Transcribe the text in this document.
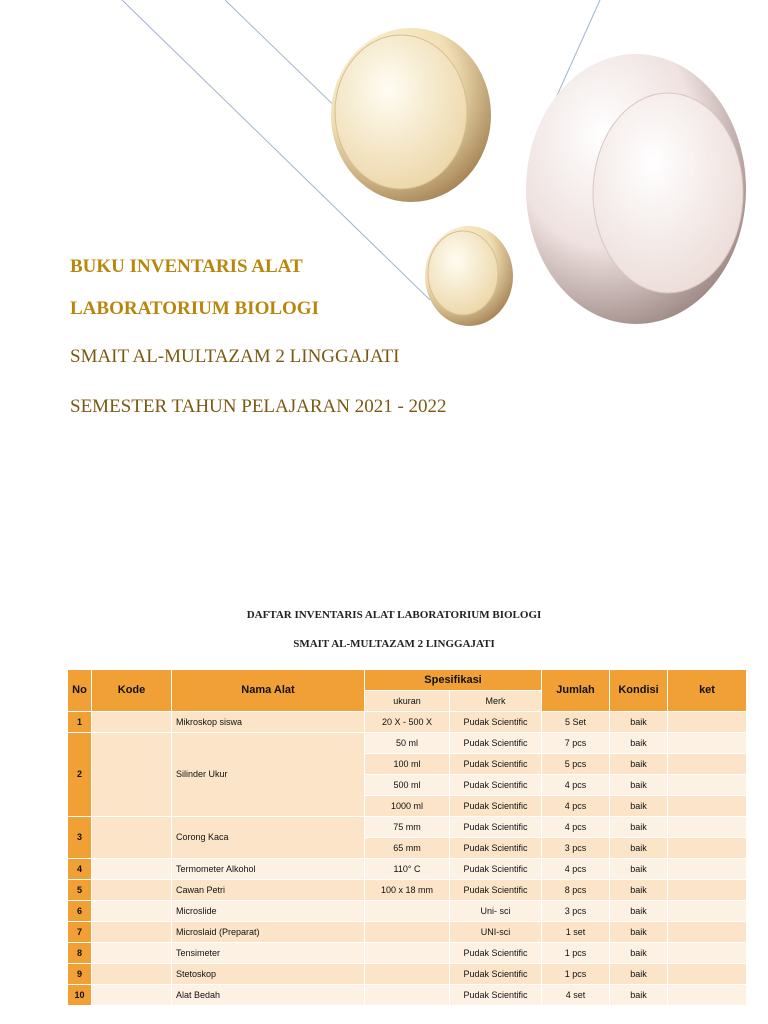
BUKU INVENTARIS ALAT
LABORATORIUM BIOLOGI
SMAIT AL-MULTAZAM 2 LINGGAJATI
SEMESTER TAHUN PELAJARAN 2021 - 2022

DAFTAR INVENTARIS ALAT LABORATORIUM BIOLOGI

SMAIT AL-MULTAZAM 2 LINGGAJATI

No	Kode	Nama Alat	Spesifikasi		Jumlah	Kondisi	ket
			ukuran	Merk			
1		Mikroskop siswa	20 X - 500 X	Pudak Scientific	5 Set	baik	
2		Silinder Ukur	50 ml	Pudak Scientific	7 pcs	baik	
			100 ml	Pudak Scientific	5 pcs	baik	
			500 ml	Pudak Scientific	4 pcs	baik	
			1000 ml	Pudak Scientific	4 pcs	baik	
3		Corong Kaca	75 mm	Pudak Scientific	4 pcs	baik	
			65 mm	Pudak Scientific	3 pcs	baik	
4		Termometer Alkohol	110° C	Pudak Scientific	4 pcs	baik	
5		Cawan Petri	100 x 18 mm	Pudak Scientific	8 pcs	baik	
6		Microslide		Uni- sci	3 pcs	baik	
7		Microslaid (Preparat)		UNI-sci	1 set	baik	
8		Tensimeter		Pudak Scientific	1 pcs	baik	
9		Stetoskop		Pudak Scientific	1 pcs	baik	
10		Alat Bedah		Pudak Scientific	4 set	baik	
